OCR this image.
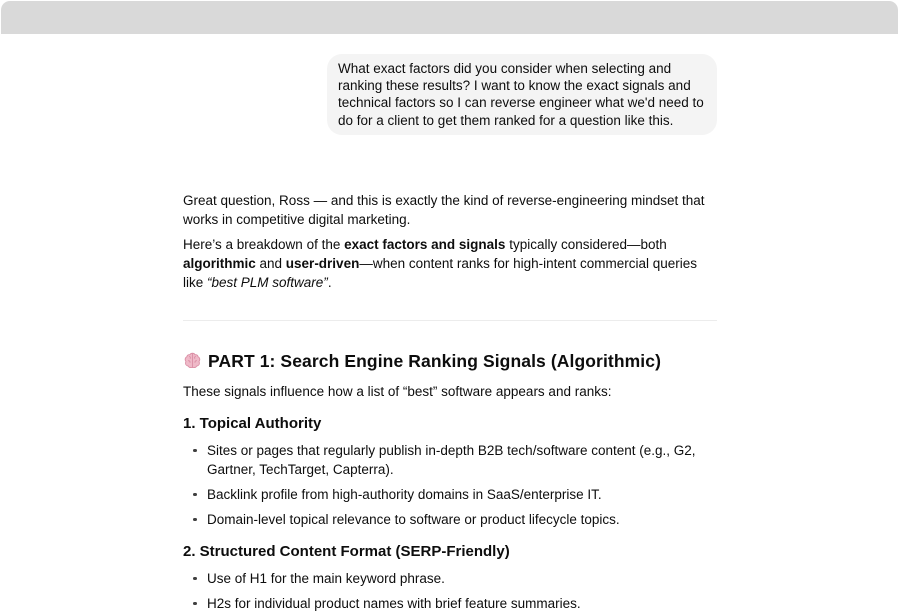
What exact factors did you consider when selecting and ranking these results? I want to know the exact signals and technical factors so I can reverse engineer what we'd need to do for a client to get them ranked for a question like this.

Great question, Ross — and this is exactly the kind of reverse-engineering mindset that works in competitive digital marketing.

Here’s a breakdown of the exact factors and signals typically considered—both algorithmic and user-driven—when content ranks for high-intent commercial queries like “best PLM software”.

PART 1: Search Engine Ranking Signals (Algorithmic)

These signals influence how a list of “best” software appears and ranks:

1. Topical Authority
Sites or pages that regularly publish in-depth B2B tech/software content (e.g., G2, Gartner, TechTarget, Capterra).
Backlink profile from high-authority domains in SaaS/enterprise IT.
Domain-level topical relevance to software or product lifecycle topics.
2. Structured Content Format (SERP-Friendly)
Use of H1 for the main keyword phrase.
H2s for individual product names with brief feature summaries.
